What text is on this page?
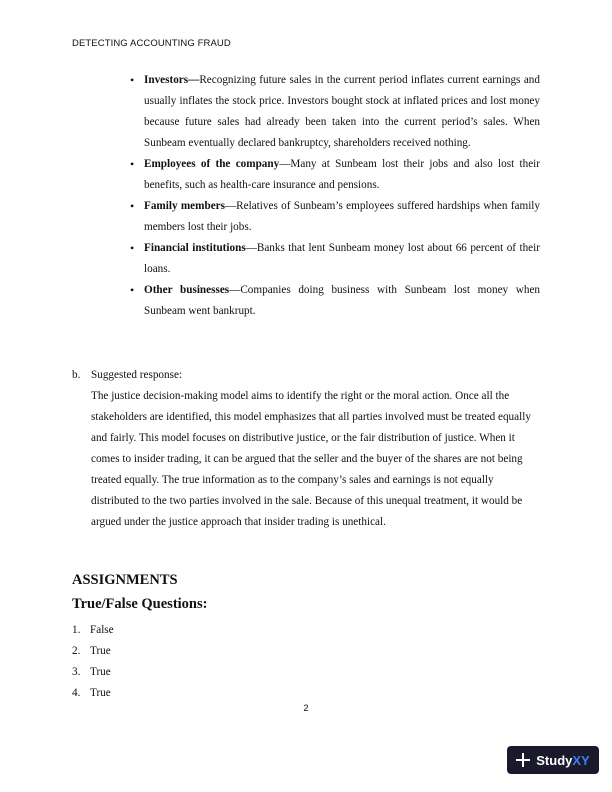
DETECTING ACCOUNTING FRAUD
• Investors—Recognizing future sales in the current period inflates current earnings and usually inflates the stock price. Investors bought stock at inflated prices and lost money because future sales had already been taken into the current period’s sales. When Sunbeam eventually declared bankruptcy, shareholders received nothing.
• Employees of the company—Many at Sunbeam lost their jobs and also lost their benefits, such as health-care insurance and pensions.
• Family members—Relatives of Sunbeam’s employees suffered hardships when family members lost their jobs.
• Financial institutions—Banks that lent Sunbeam money lost about 66 percent of their loans.
• Other businesses—Companies doing business with Sunbeam lost money when Sunbeam went bankrupt.
b. Suggested response:
The justice decision-making model aims to identify the right or the moral action. Once all the stakeholders are identified, this model emphasizes that all parties involved must be treated equally and fairly. This model focuses on distributive justice, or the fair distribution of justice. When it comes to insider trading, it can be argued that the seller and the buyer of the shares are not being treated equally. The true information as to the company’s sales and earnings is not equally distributed to the two parties involved in the sale. Because of this unequal treatment, it would be argued under the justice approach that insider trading is unethical.
ASSIGNMENTS
True/False Questions:
1. False
2. True
3. True
4. True
2
Study XY
